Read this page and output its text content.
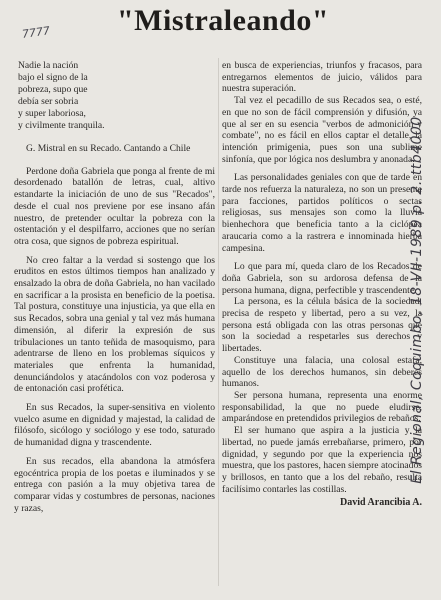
7777	"Mistraleando"

Nadie la nación

bajo el signo de la

pobreza, supo que

debía ser sobria

y super laboriosa,

y civilmente tranquila.

G. Mistral en su Recado. Cantando a Chile

Perdone doña Gabriela que ponga al frente de mi desordenado batallón de letras, cual, altivo estandarte la iniciación de uno de sus "Recados", desde el cual nos previene por ese insano afán nuestro, de pretender ocultar la pobreza con la ostentación y el despilfarro, acciones que no serían otra cosa, que signos de pobreza espiritual.

No creo faltar a la verdad si sostengo que los eruditos en estos últimos tiempos han analizado y ensalzado la obra de doña Gabriela, no han vacilado en sacrificar a la prosista en beneficio de la poetisa. Tal postura, constituye una injusticia, ya que ella en sus Recados, sobra una genial y tal vez más humana dimensión, al diferir la expresión de sus tribulaciones un tanto teñida de masoquismo, para adentrarse de lleno en los problemas síquicos y materiales que enfrenta la humanidad, denunciándolos y atacándolos con voz poderosa y de entonación casi profética.

En sus Recados, la super-sensitiva en violento vuelco asume en dignidad y majestad, la calidad de filósofo, sicólogo y sociólogo y ese todo, saturado de humanidad digna y trascendente.

En sus recados, ella abandona la atmósfera egocéntrica propia de los poetas e iluminados y se entrega con pasión a la muy objetiva tarea de comparar vidas y costumbres de personas, naciones y razas,

en busca de experiencias, triunfos y fracasos, para entregarnos elementos de juicio, válidos para nuestra superación.

Tal vez el pecadillo de sus Recados sea, o esté, en que no son de fácil comprensión y difusión, ya que al ser en su esencia "verbos de admonición y combate", no es fácil en ellos captar el detalle, la intención primigenia, pues son una sublime sinfonía, que por lógica nos deslumbra y anonada.

Las personalidades geniales con que de tarde en tarde nos refuerza la naturaleza, no son un presente para facciones, partidos políticos o sectas religiosas, sus mensajes son como la lluvia bienhechora que beneficia tanto a la ciclópea araucaria como a la rastrera e innominada hierba campesina.

Lo que para mí, queda claro de los Recados de doña Gabriela, son su ardorosa defensa de la persona humana, digna, perfectible y trascendente.

La persona, es la célula básica de la sociedad, precisa de respeto y libertad, pero a su vez, la persona está obligada con las otras personas que son la sociedad a respetarles sus derechos y libertades.

Constituye una falacia, una colosal estafa, aquello de los derechos humanos, sin deberes humanos.

Ser persona humana, representa una enorme responsabilidad, la que no puede eludirse, amparándose en pretendidos privilegios de rebaños.

El ser humano que aspira a la justicia y la libertad, no puede jamás errebañarse, primero, por dignidad, y segundo por que la experiencia nos muestra, que los pastores, hacen siempre atocinados y brillosos, en tanto que a los del rebaño, resulta facilísimo contarles las costillas.

David Arancibia A.
El Regional, Coquimbo, 18-VII-1989 p. 2. ttb4000
